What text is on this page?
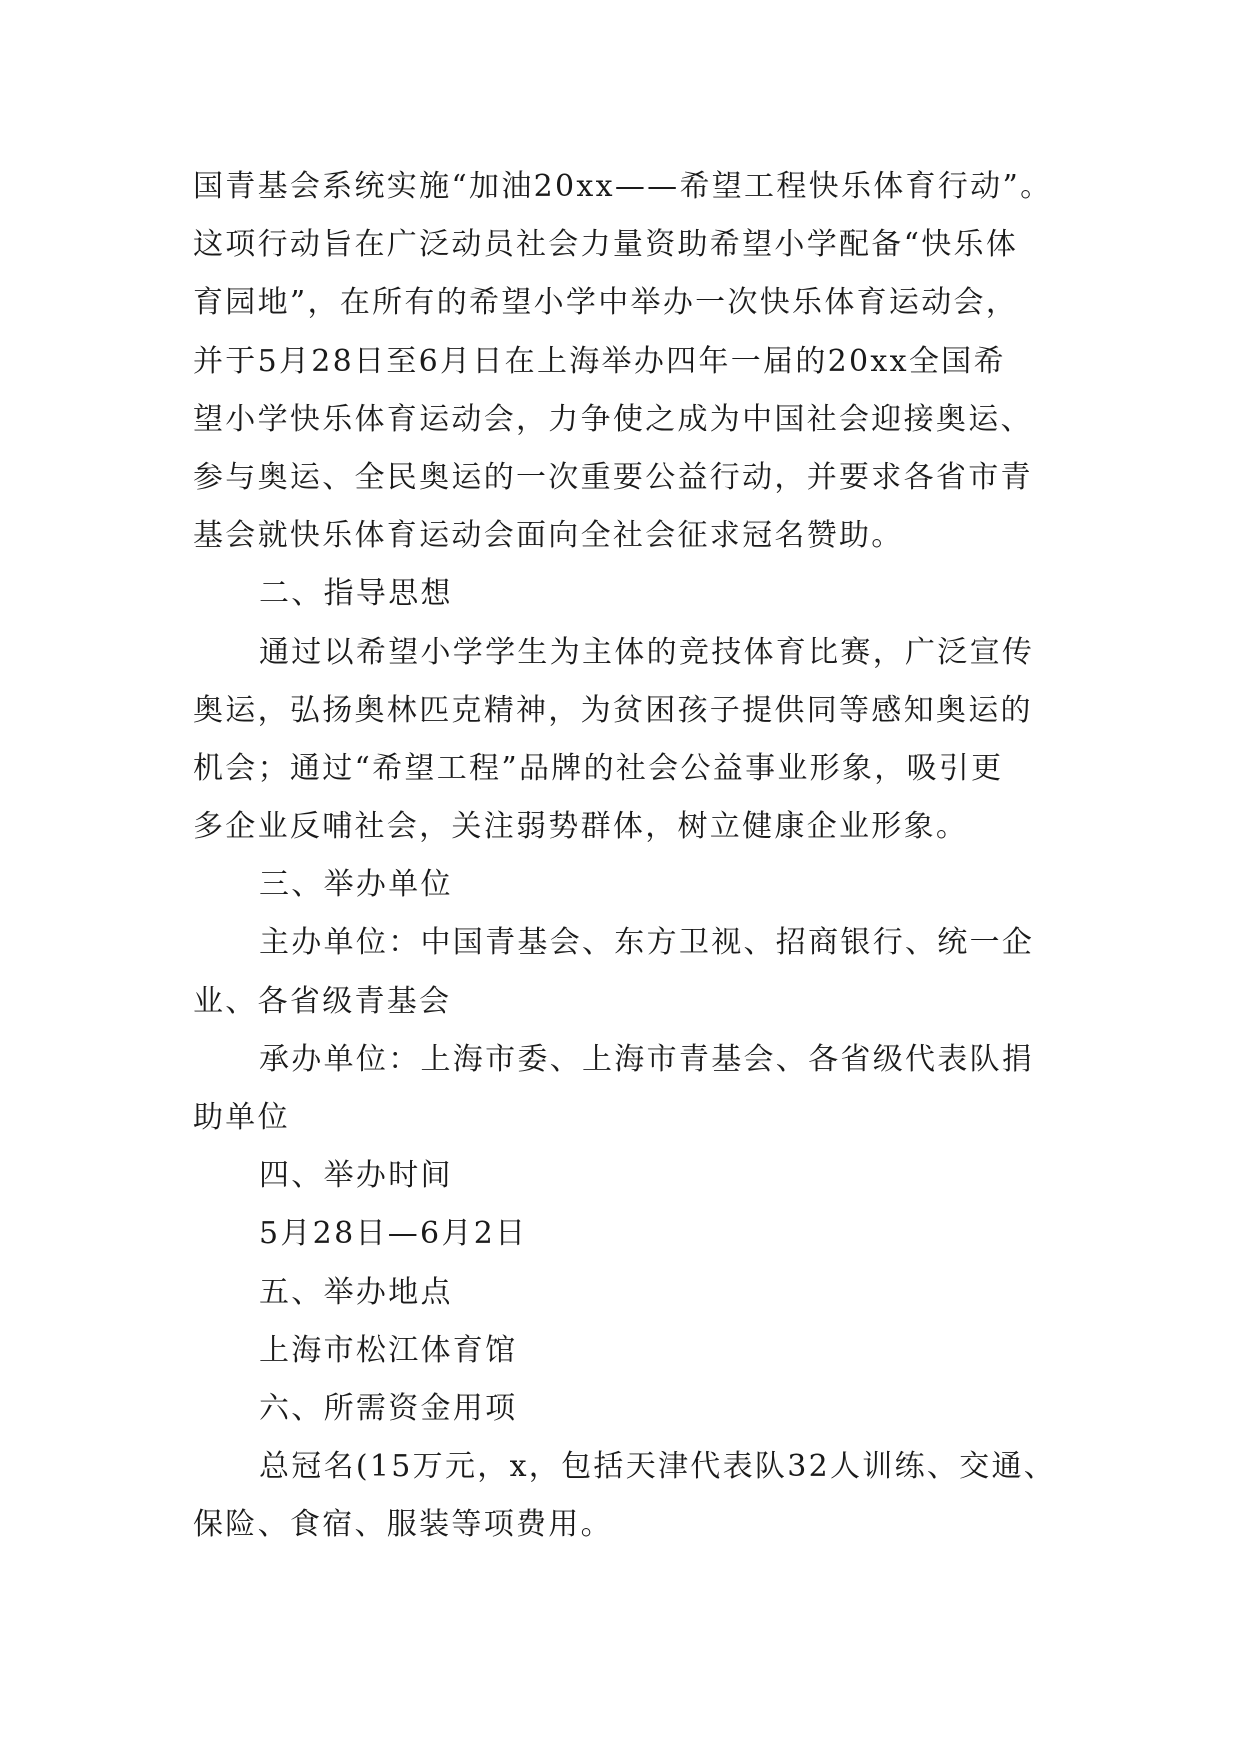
国青基会系统实施“加油20xx——希望工程快乐体育行动”。
这项行动旨在广泛动员社会力量资助希望小学配备“快乐体
育园地”，在所有的希望小学中举办一次快乐体育运动会，
并于5月28日至6月日在上海举办四年一届的20xx全国希
望小学快乐体育运动会，力争使之成为中国社会迎接奥运、
参与奥运、全民奥运的一次重要公益行动，并要求各省市青
基会就快乐体育运动会面向全社会征求冠名赞助。
二、指导思想
通过以希望小学学生为主体的竞技体育比赛，广泛宣传
奥运，弘扬奥林匹克精神，为贫困孩子提供同等感知奥运的
机会；通过“希望工程”品牌的社会公益事业形象，吸引更
多企业反哺社会，关注弱势群体，树立健康企业形象。
三、举办单位
主办单位：中国青基会、东方卫视、招商银行、统一企
业、各省级青基会
承办单位：上海市委、上海市青基会、各省级代表队捐
助单位
四、举办时间
5月28日—6月2日
五、举办地点
上海市松江体育馆
六、所需资金用项
总冠名(15万元，x，包括天津代表队32人训练、交通、
保险、食宿、服装等项费用。
